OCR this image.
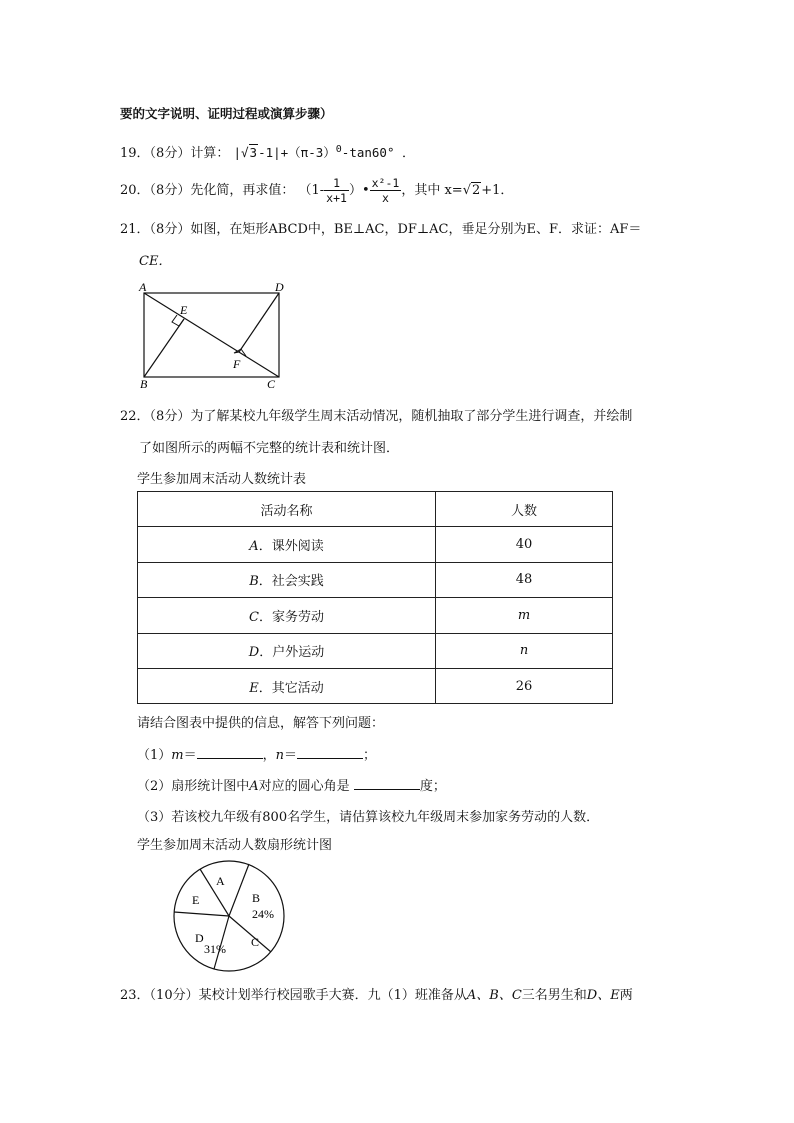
要的文字说明、证明过程或演算步骤）
19．（8分）计算： $|√3-1|+(\pi-3)^0-\tan 60^\circ$ ．
20．（8分）先化简，再求值： （$1- \frac{1}{x+1}$ ）• $\frac{\text{x²-1}}{x}$ ，其中 x=√2+1．
21．（8分）如图，在矩形ABCD中，BE⊥AC，DF⊥AC，垂足分别为E、F．求证：AF＝
CE．
A	D
B	C
E
F
22．（8分）为了解某校九年级学生周末活动情况，随机抽取了部分学生进行调查，并绘制
了如图所示的两幅不完整的统计表和统计图．
学生参加周末活动人数统计表
活动名称	人数
A．课外阅读	40
B．社会实践	48
C．家务劳动	m
D．户外运动	n
E．其它活动	26
请结合图表中提供的信息，解答下列问题：
（1）m＝	，n＝	；
（2）扇形统计图中A对应的圆心角是	度；
（3）若该校九年级有800名学生，请估算该校九年级周末参加家务劳动的人数．
学生参加周末活动人数扇形统计图
A
B
24%
C
D
31%
E
23．（10分）某校计划举行校园歌手大赛．九（1）班准备从A、B、C三名男生和D、E两
